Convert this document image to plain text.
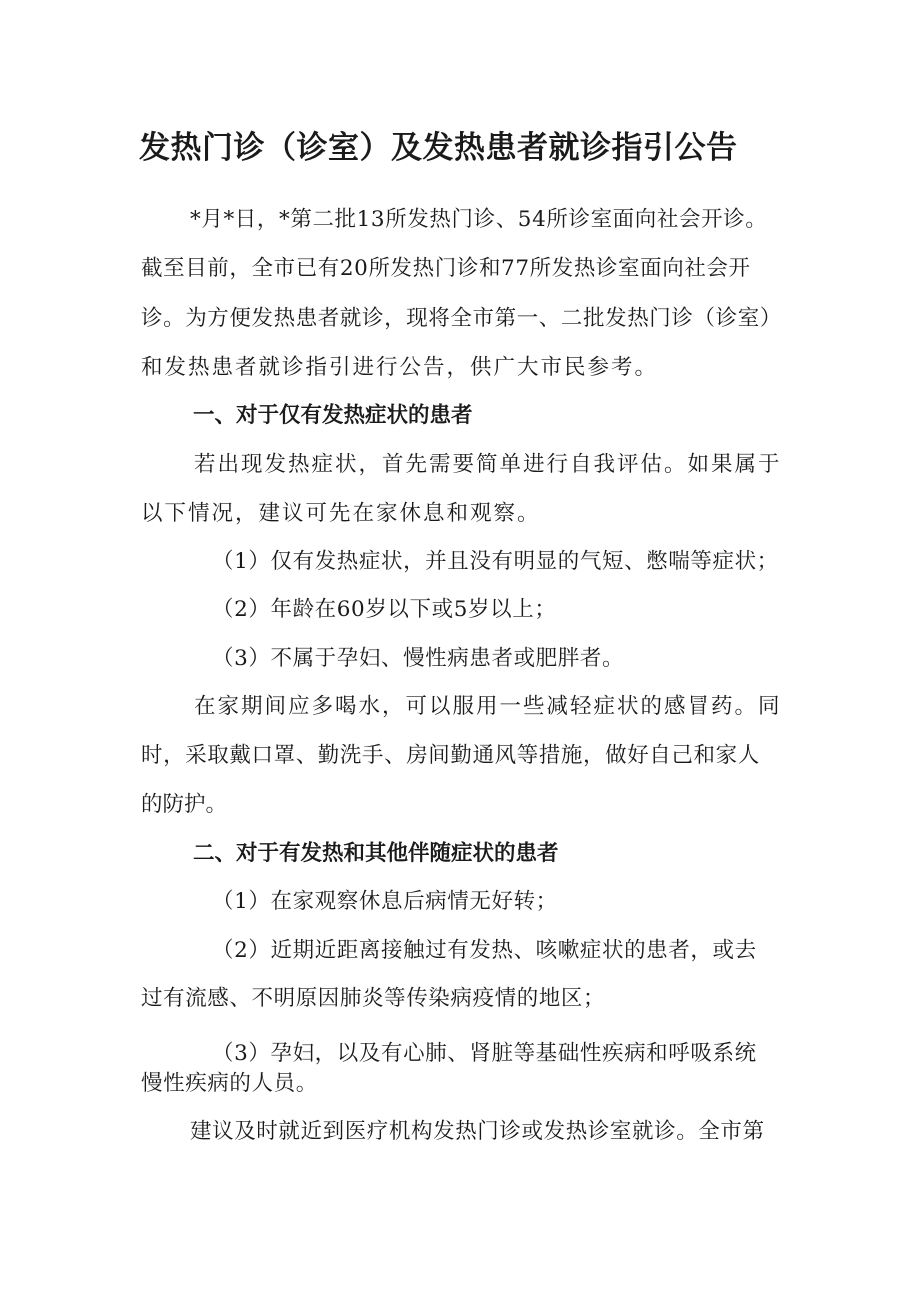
发热门诊（诊室）及发热患者就诊指引公告

*月*日，*第二批13所发热门诊、54所诊室面向社会开诊。

截至目前，全市已有20所发热门诊和77所发热诊室面向社会开

诊。为方便发热患者就诊，现将全市第一、二批发热门诊（诊室）

和发热患者就诊指引进行公告，供广大市民参考。

一、对于仅有发热症状的患者

若出现发热症状，首先需要简单进行自我评估。如果属于

以下情况，建议可先在家休息和观察。

（1）仅有发热症状，并且没有明显的气短、憋喘等症状；

（2）年龄在60岁以下或5岁以上；

（3）不属于孕妇、慢性病患者或肥胖者。

在家期间应多喝水，可以服用一些减轻症状的感冒药。同

时，采取戴口罩、勤洗手、房间勤通风等措施，做好自己和家人

的防护。

二、对于有发热和其他伴随症状的患者

（1）在家观察休息后病情无好转；

（2）近期近距离接触过有发热、咳嗽症状的患者，或去

过有流感、不明原因肺炎等传染病疫情的地区；

（3）孕妇，以及有心肺、肾脏等基础性疾病和呼吸系统

慢性疾病的人员。

建议及时就近到医疗机构发热门诊或发热诊室就诊。全市第
